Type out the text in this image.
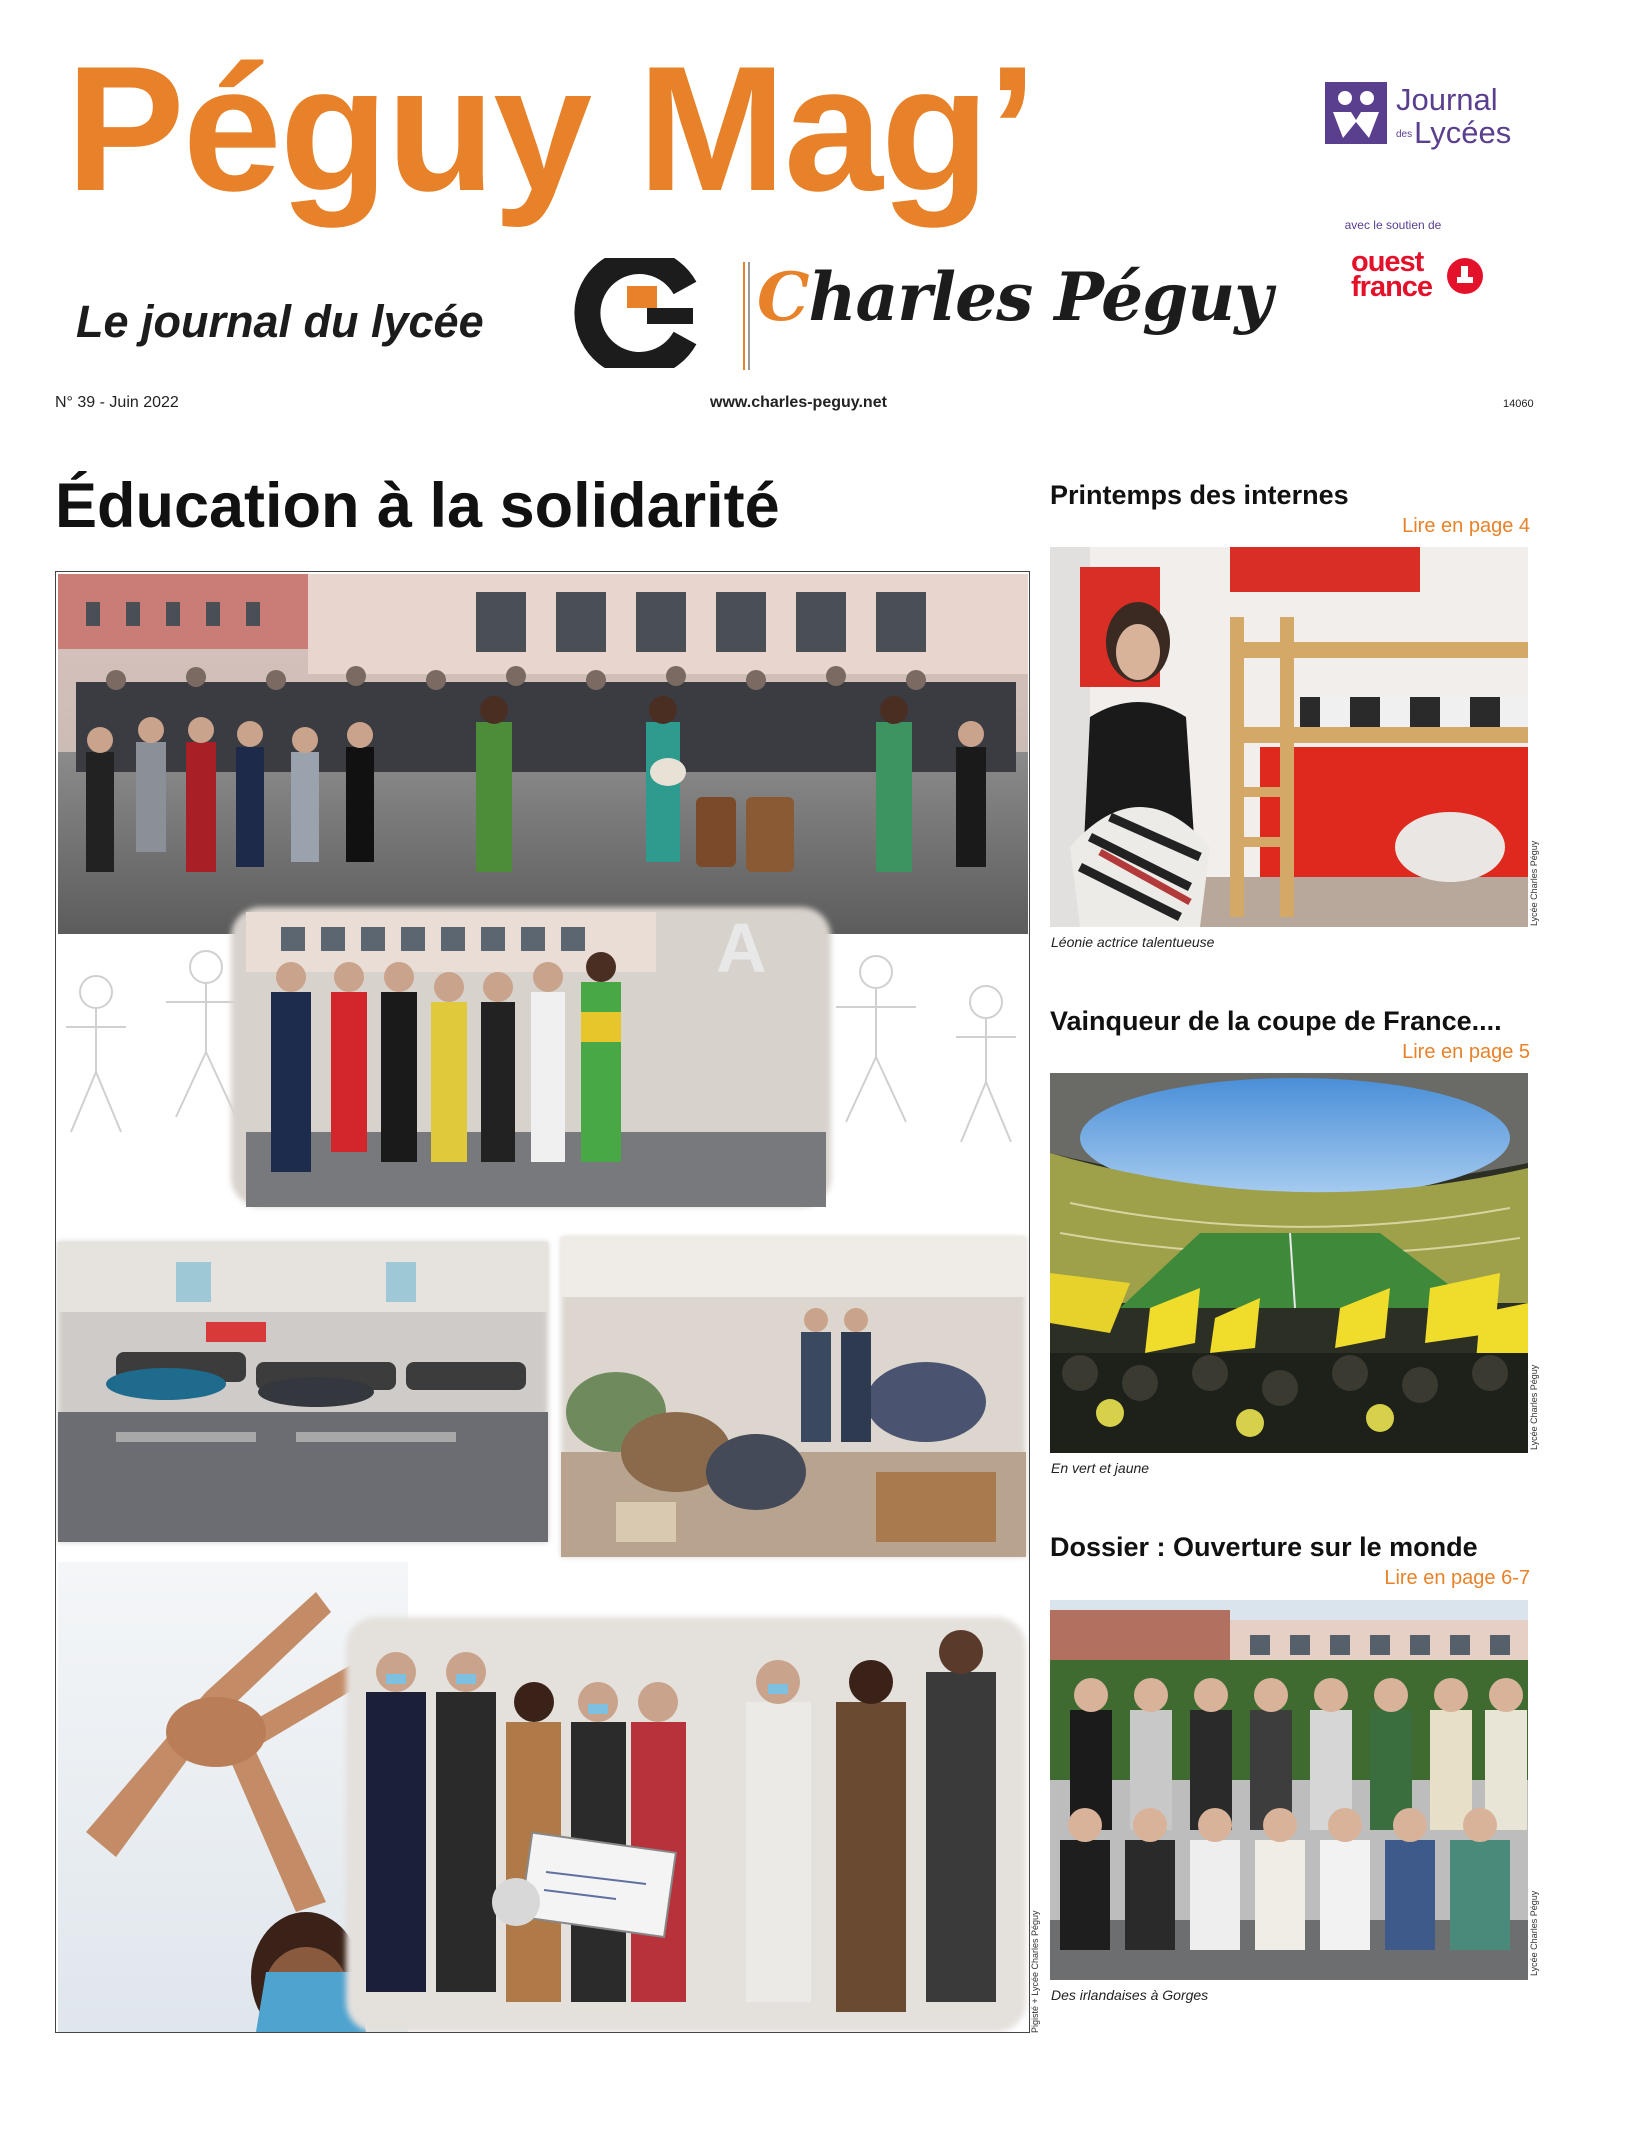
Péguy Mag’
Le journal du lycée	Charles Péguy
Journal
desLycées
avec le soutien de
ouest
france
N° 39 - Juin 2022	www.charles-peguy.net	14060
Éducation à la solidarité
A
Pigisté + Lycée Charles Péguy
Printemps des internes
Lire en page 4
Léonie actrice talentueuse
Lycée Charles Péguy
Vainqueur de la coupe de France....
Lire en page 5
En vert et jaune
Lycée Charles Péguy
Dossier : Ouverture sur le monde
Lire en page 6-7
Des irlandaises à Gorges
Lycée Charles Péguy
